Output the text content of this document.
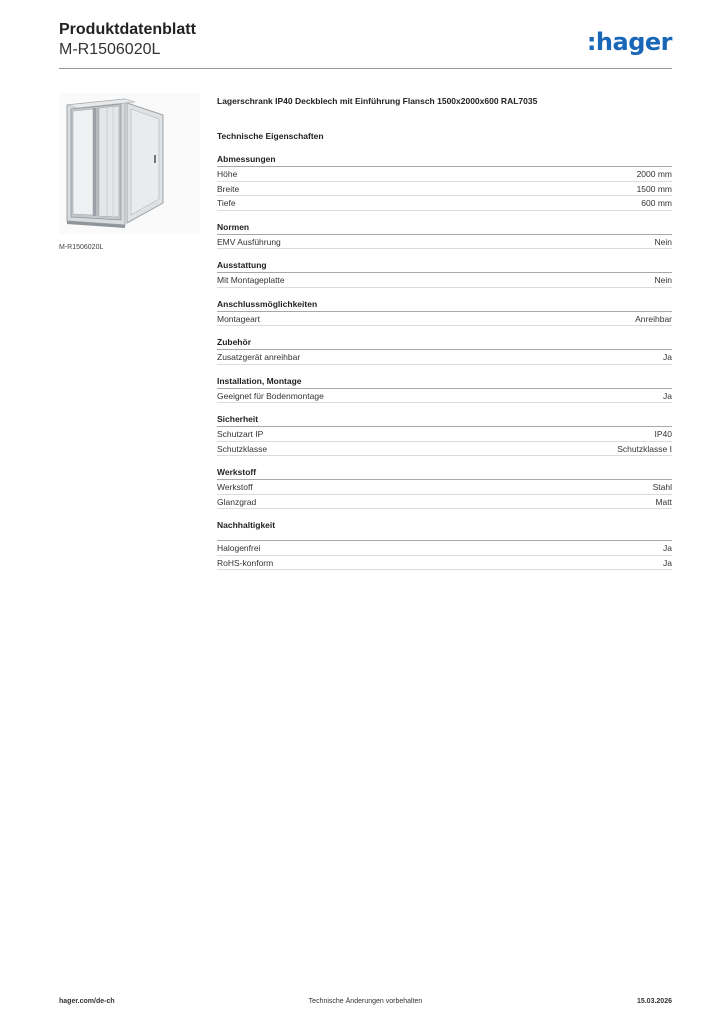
Produktdatenblatt
M-R1506020L	:hager
M-R1506020L
Lagerschrank IP40 Deckblech mit Einführung Flansch 1500x2000x600 RAL7035
Technische Eigenschaften
Abmessungen
Höhe	2000 mm
Breite	1500 mm
Tiefe	600 mm
Normen
EMV Ausführung	Nein
Ausstattung
Mit Montageplatte	Nein
Anschlussmöglichkeiten
Montageart	Anreihbar
Zubehör
Zusatzgerät anreihbar	Ja
Installation, Montage
Geeignet für Bodenmontage	Ja
Sicherheit
Schutzart IP	IP40
Schutzklasse	Schutzklasse I
Werkstoff
Werkstoff	Stahl
Glanzgrad	Matt
Nachhaltigkeit
Halogenfrei	Ja
RoHS-konform	Ja
hager.com/de-ch	Technische Änderungen vorbehalten	15.03.2026
